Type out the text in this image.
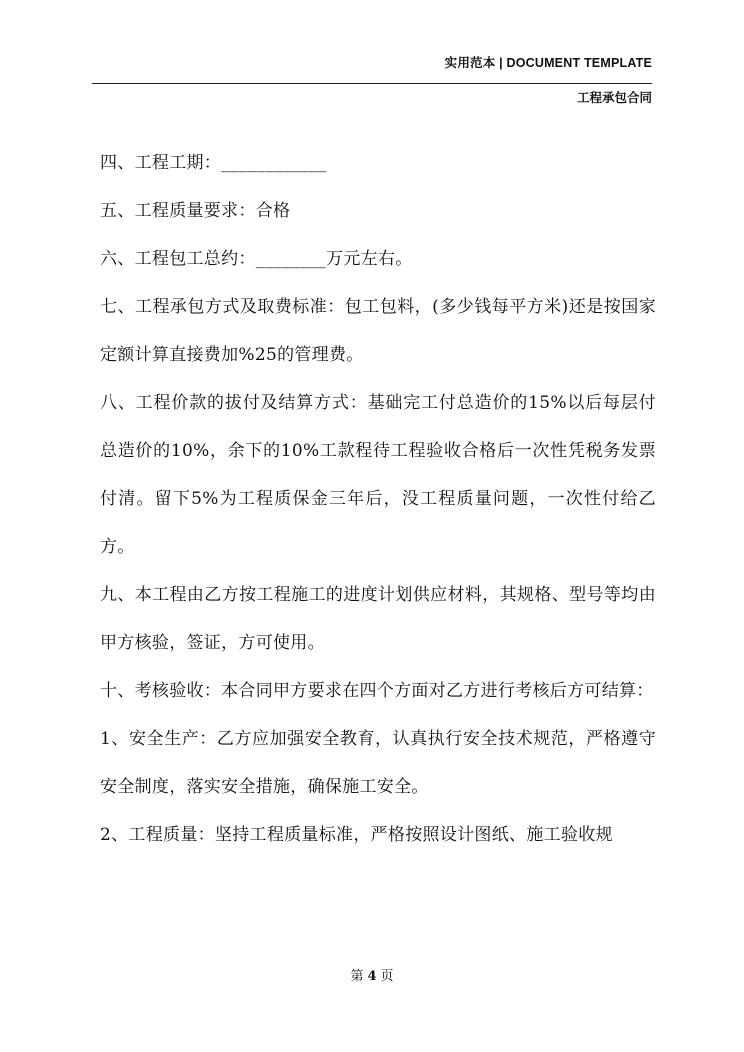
实用范本 | DOCUMENT TEMPLATE
工程承包合同

四、工程工期：____________

五、工程质量要求：合格

六、工程包工总约：________万元左右。

七、工程承包方式及取费标准：包工包料，(多少钱每平方米)还是按国家定额计算直接费加%25的管理费。

八、工程价款的拔付及结算方式：基础完工付总造价的15%以后每层付总造价的10%，余下的10%工款程待工程验收合格后一次性凭税务发票付清。留下5%为工程质保金三年后，没工程质量问题，一次性付给乙方。

九、本工程由乙方按工程施工的进度计划供应材料，其规格、型号等均由甲方核验，签证，方可使用。

十、考核验收：本合同甲方要求在四个方面对乙方进行考核后方可结算：

1、安全生产：乙方应加强安全教育，认真执行安全技术规范，严格遵守安全制度，落实安全措施，确保施工安全。

2、工程质量：坚持工程质量标准，严格按照设计图纸、施工验收规

第 4 页
